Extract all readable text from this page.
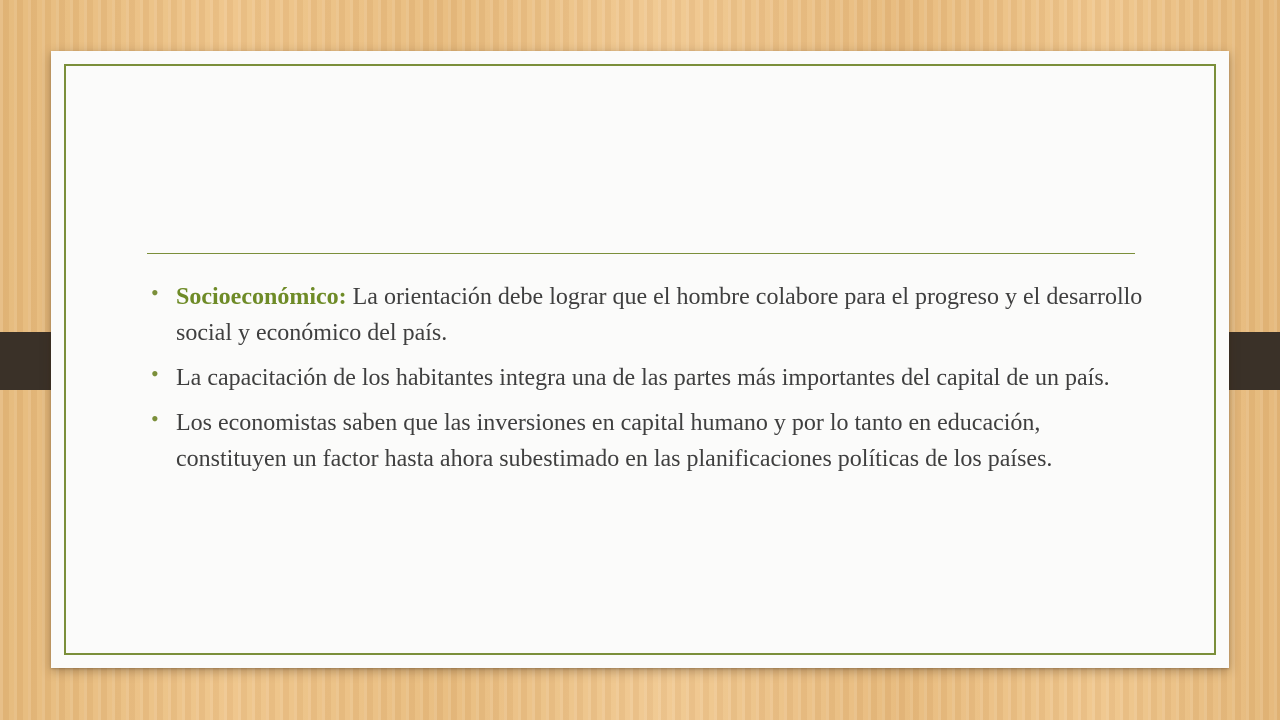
• Socioeconómico: La orientación debe lograr que el hombre colabore para el progreso y el desarrollo social y económico del país.
• La capacitación de los habitantes integra una de las partes más importantes del capital de un país.
• Los economistas saben que las inversiones en capital humano y por lo tanto en educación, constituyen un factor hasta ahora subestimado en las planificaciones políticas de los países.
